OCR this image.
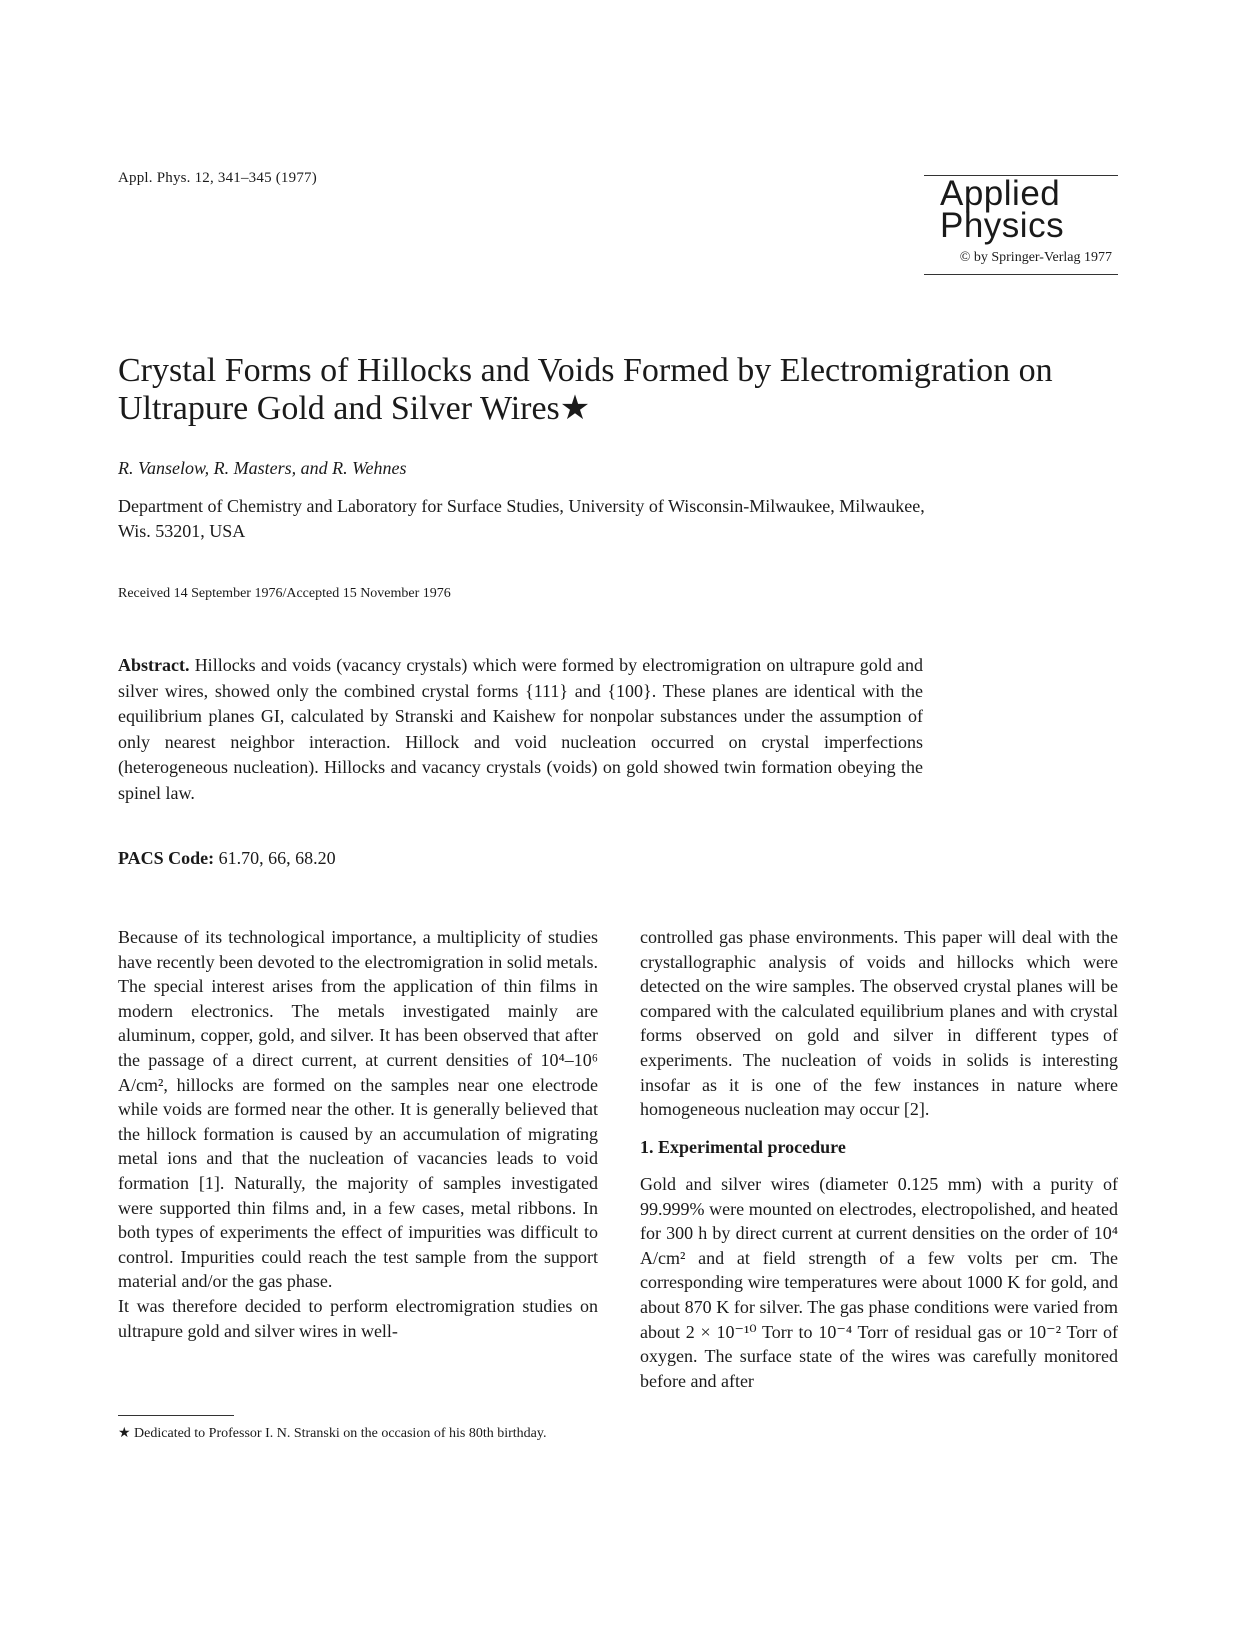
Appl. Phys. 12, 341–345 (1977)	Applied
Physics
© by Springer-Verlag 1977
Crystal Forms of Hillocks and Voids Formed by Electromigration on Ultrapure Gold and Silver Wires★
R. Vanselow, R. Masters, and R. Wehnes
Department of Chemistry and Laboratory for Surface Studies, University of Wisconsin-Milwaukee, Milwaukee, Wis. 53201, USA
Received 14 September 1976/Accepted 15 November 1976
Abstract. Hillocks and voids (vacancy crystals) which were formed by electromigration on ultrapure gold and silver wires, showed only the combined crystal forms {111} and {100}. These planes are identical with the equilibrium planes GI, calculated by Stranski and Kaishew for nonpolar substances under the assumption of only nearest neighbor interaction. Hillock and void nucleation occurred on crystal imperfections (heterogeneous nucleation). Hillocks and vacancy crystals (voids) on gold showed twin formation obeying the spinel law.
PACS Code: 61.70, 66, 68.20

Because of its technological importance, a multiplicity of studies have recently been devoted to the electromigration in solid metals. The special interest arises from the application of thin films in modern electronics. The metals investigated mainly are aluminum, copper, gold, and silver. It has been observed that after the passage of a direct current, at current densities of 10⁴–10⁶ A/cm², hillocks are formed on the samples near one electrode while voids are formed near the other. It is generally believed that the hillock formation is caused by an accumulation of migrating metal ions and that the nucleation of vacancies leads to void formation [1]. Naturally, the majority of samples investigated were supported thin films and, in a few cases, metal ribbons. In both types of experiments the effect of impurities was difficult to control. Impurities could reach the test sample from the support material and/or the gas phase.

It was therefore decided to perform electromigration studies on ultrapure gold and silver wires in well-

★ Dedicated to Professor I. N. Stranski on the occasion of his 80th birthday.

controlled gas phase environments. This paper will deal with the crystallographic analysis of voids and hillocks which were detected on the wire samples. The observed crystal planes will be compared with the calculated equilibrium planes and with crystal forms observed on gold and silver in different types of experiments. The nucleation of voids in solids is interesting insofar as it is one of the few instances in nature where homogeneous nucleation may occur [2].

1. Experimental procedure

Gold and silver wires (diameter 0.125 mm) with a purity of 99.999% were mounted on electrodes, electropolished, and heated for 300 h by direct current at current densities on the order of 10⁴ A/cm² and at field strength of a few volts per cm. The corresponding wire temperatures were about 1000 K for gold, and about 870 K for silver. The gas phase conditions were varied from about 2 × 10⁻¹⁰ Torr to 10⁻⁴ Torr of residual gas or 10⁻² Torr of oxygen. The surface state of the wires was carefully monitored before and after
